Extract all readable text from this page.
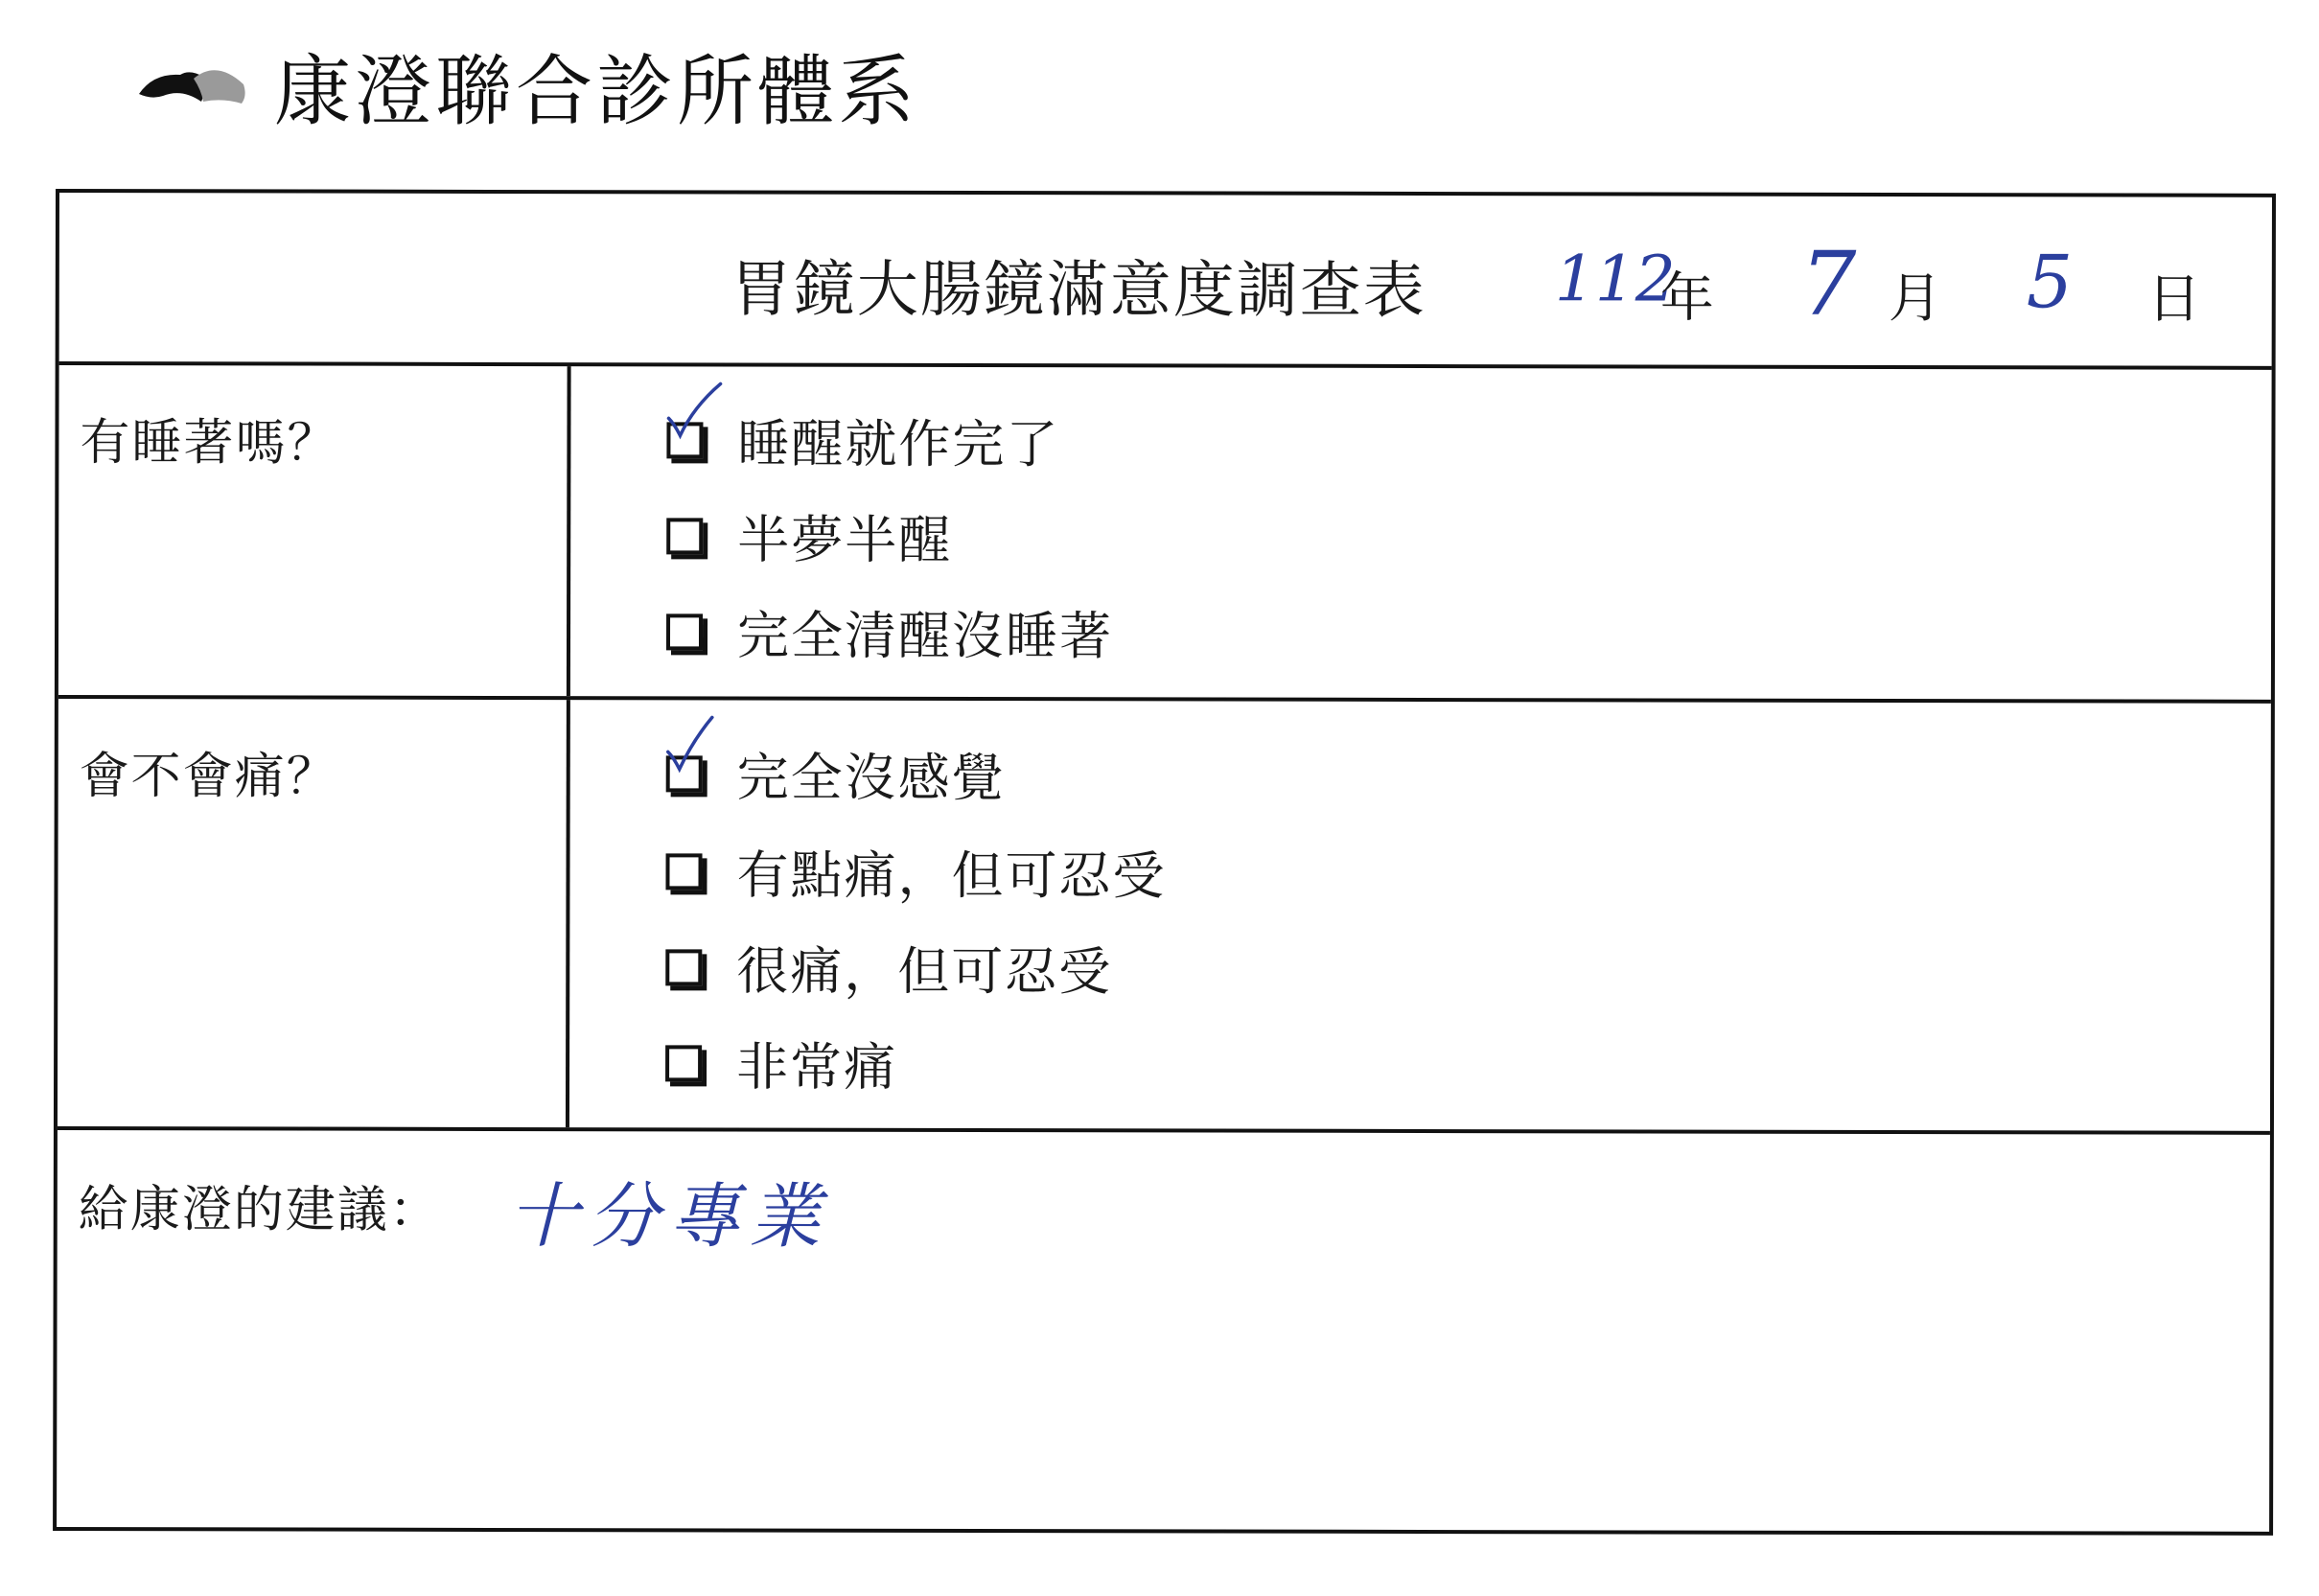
康澄聯合診所體系
胃鏡大腸鏡滿意度調查表 112
年 7 月 5 日
有睡著嗎？	睡醒就作完了
半夢半醒
完全清醒沒睡著
會不會痛？	完全沒感覺
有點痛，但可忍受
很痛，但可忍受
非常痛
給康澄的建議： 十分專業
